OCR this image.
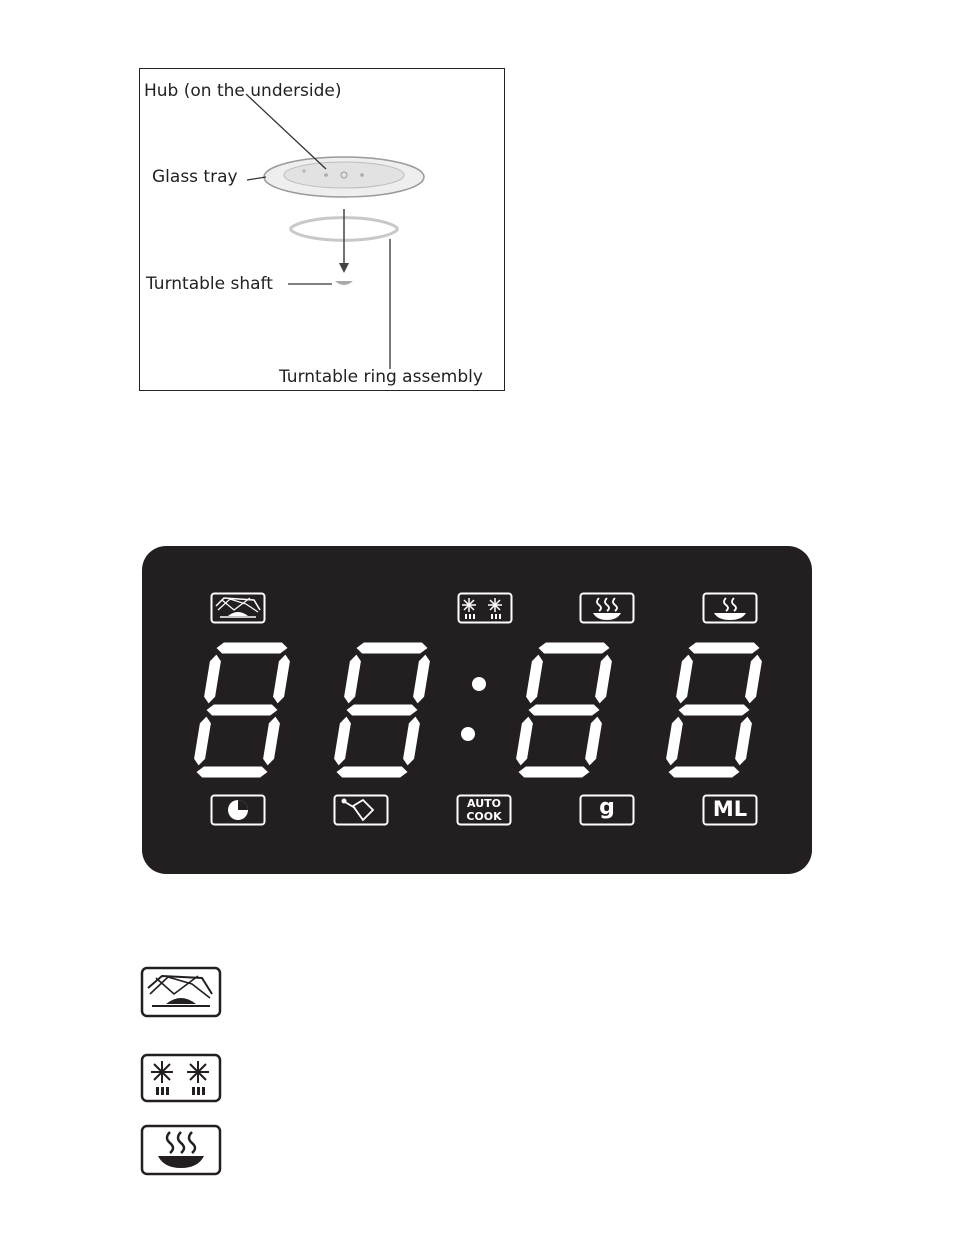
Hub (on the underside)
Glass tray
Turntable shaft
Turntable ring assembly
AUTO
COOK	g	ML
